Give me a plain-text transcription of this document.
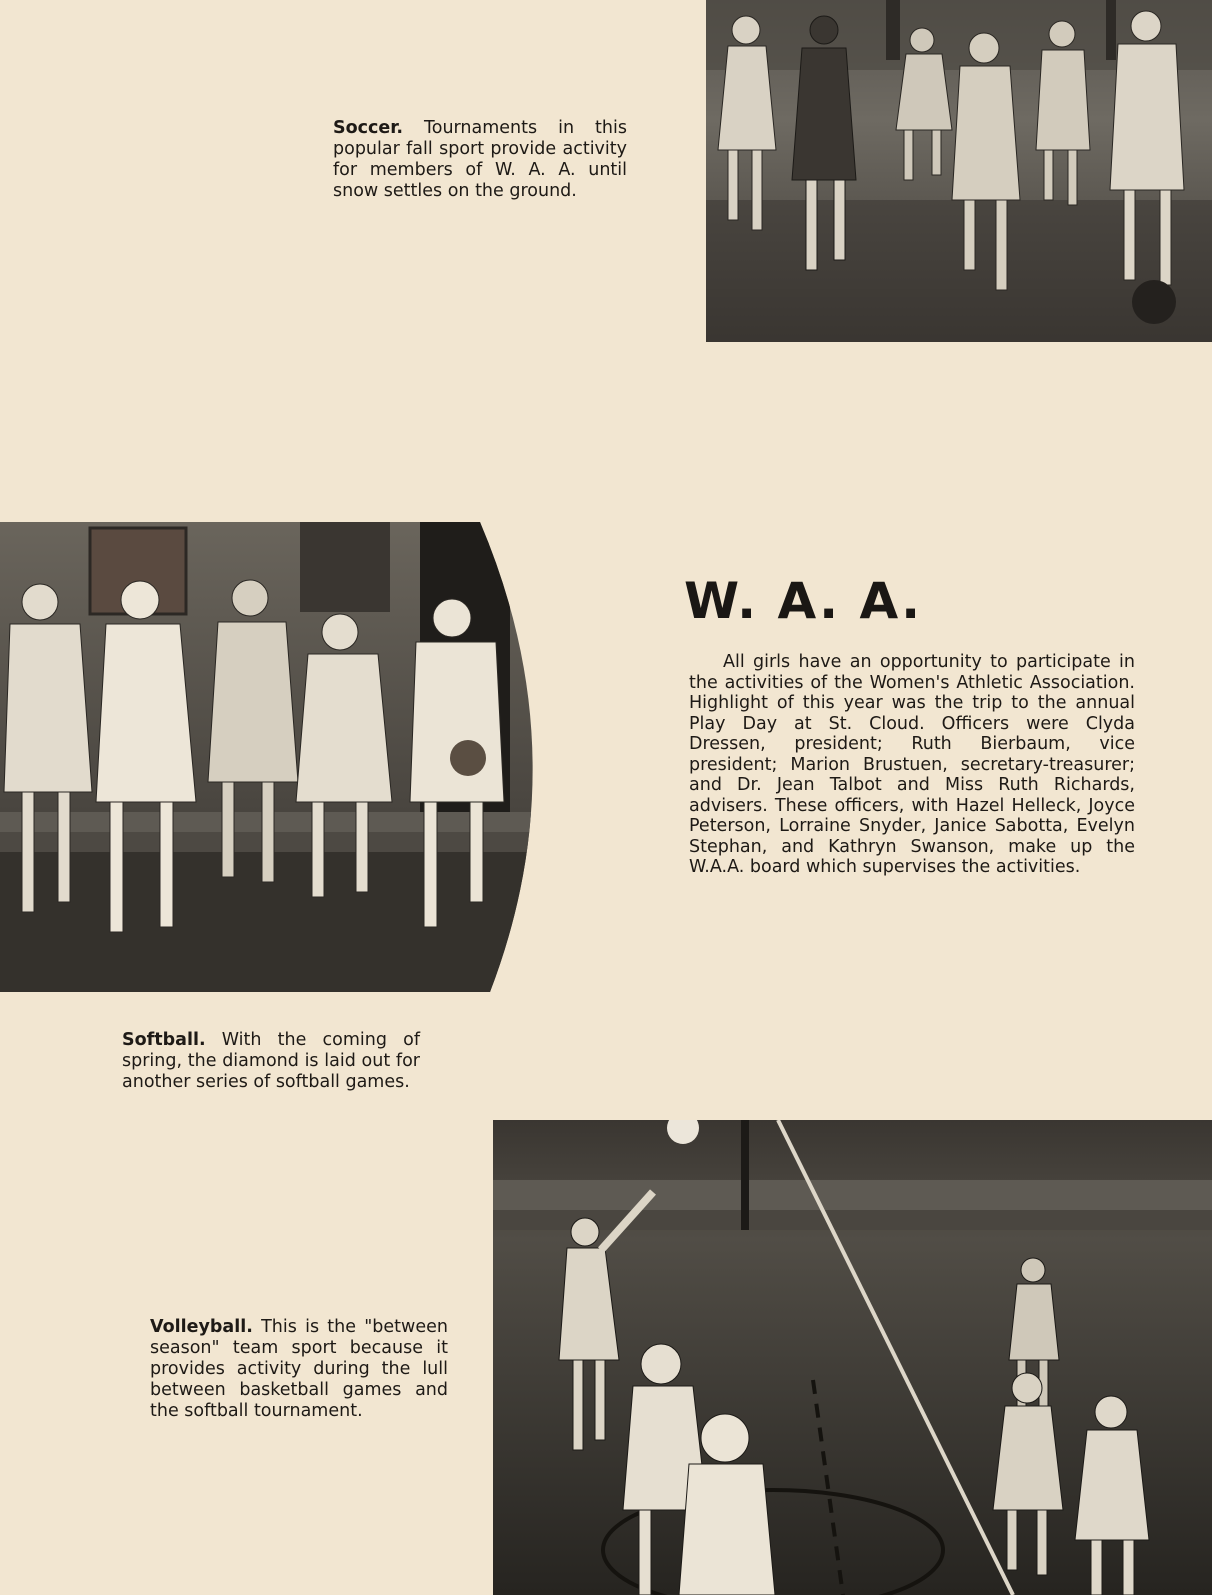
Soccer. Tournaments in this popular fall sport provide activity for members of W. A. A. until snow settles on the ground.

W. A. A.

All girls have an opportunity to participate in the activities of the Women's Athletic Association. Highlight of this year was the trip to the annual Play Day at St. Cloud. Officers were Clyda Dressen, president; Ruth Bierbaum, vice president; Marion Brustuen, secretary-treasurer; and Dr. Jean Talbot and Miss Ruth Richards, advisers. These officers, with Hazel Helleck, Joyce Peterson, Lorraine Snyder, Janice Sabotta, Evelyn Stephan, and Kathryn Swanson, make up the W.A.A. board which supervises the activities.

Softball. With the coming of spring, the diamond is laid out for another series of softball games.

Volleyball. This is the "between season" team sport because it provides activity during the lull between basketball games and the softball tournament.
